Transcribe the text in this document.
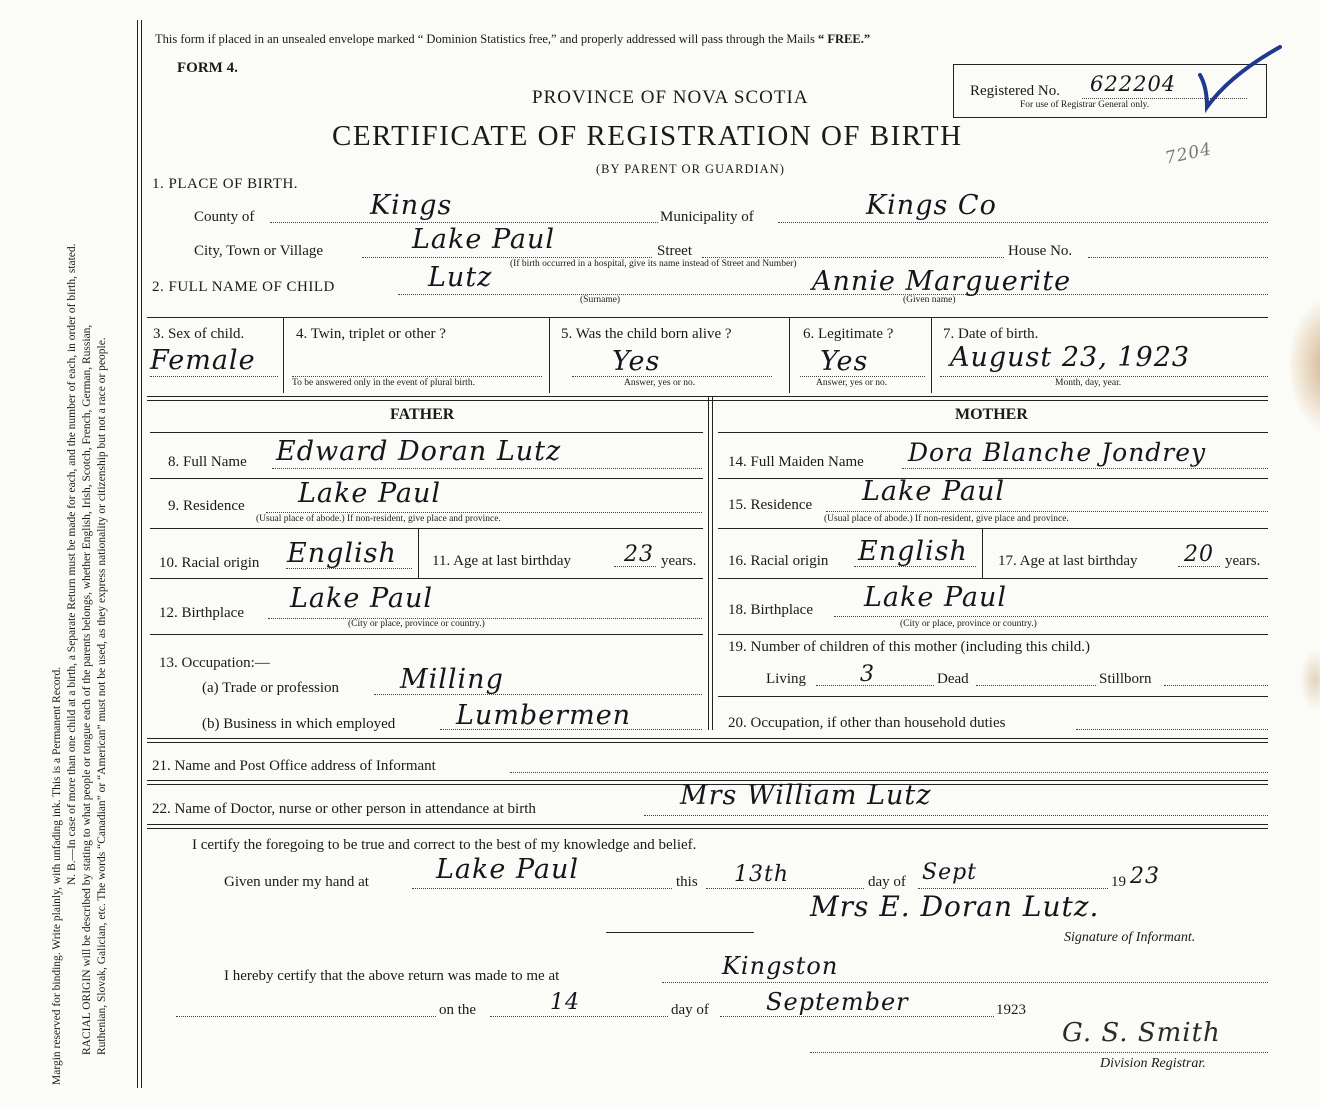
Margin reserved for binding. Write plainly, with unfading ink. This is a Permanent Record. N. B.—In case of more than one child at a birth, a Separate Return must be made for each, and the number of each, in order of birth, stated. RACIAL ORIGIN will be described by stating to what people or tongue each of the parents belongs, whether English, Irish, Scotch, French, German, Russian, Ruthenian, Slovak, Galician, etc. The words “Canadian” or “American” must not be used, as they express nationality or citizenship but not a race or people.
This form if placed in an unsealed envelope marked “ Dominion Statistics free,” and properly addressed will pass through the Mails “ FREE.”
FORM 4.
Registered No. 622204
For use of Registrar General only.
PROVINCE OF NOVA SCOTIA
CERTIFICATE OF REGISTRATION OF BIRTH
(BY PARENT OR GUARDIAN)
7204
1. PLACE OF BIRTH.
County of	Kings	Municipality of	Kings Co
City, Town or Village	Lake Paul	Street	House No.
(If birth occurred in a hospital, give its name instead of Street and Number)
2. FULL NAME OF CHILD	Lutz
(Surname)
Annie Marguerite
(Given name)
3. Sex of child.
Female
4. Twin, triplet or other ?
To be answered only in the event of plural birth.
5. Was the child born alive ?
Yes
Answer, yes or no.
6. Legitimate ?
Yes
Answer, yes or no.
7. Date of birth.
August 23, 1923
Month, day, year.
FATHER	MOTHER
8. Full Name Edward Doran Lutz
9. Residence Lake Paul
(Usual place of abode.) If non-resident, give place and province.
10. Racial origin English 11. Age at last birthday 23 years.
12. Birthplace Lake Paul
(City or place, province or country.)
13. Occupation:—
(a) Trade or profession Milling
(b) Business in which employed Lumbermen
14. Full Maiden Name Dora Blanche Jondrey
15. Residence Lake Paul
(Usual place of abode.) If non-resident, give place and province.
16. Racial origin English 17. Age at last birthday 20 years.
18. Birthplace Lake Paul
(City or place, province or country.)
19. Number of children of this mother (including this child.)
Living 3	Dead	Stillborn
20. Occupation, if other than household duties
21. Name and Post Office address of Informant
22. Name of Doctor, nurse or other person in attendance at birth	Mrs William Lutz
I certify the foregoing to be true and correct to the best of my knowledge and belief.
Given under my hand at Lake Paul	this 13th	day of Sept	19 23
Mrs E. Doran Lutz.
Signature of Informant.
I hereby certify that the above return was made to me at	Kingston
on the	14	day of September	1923
G. S. Smith
Division Registrar.
